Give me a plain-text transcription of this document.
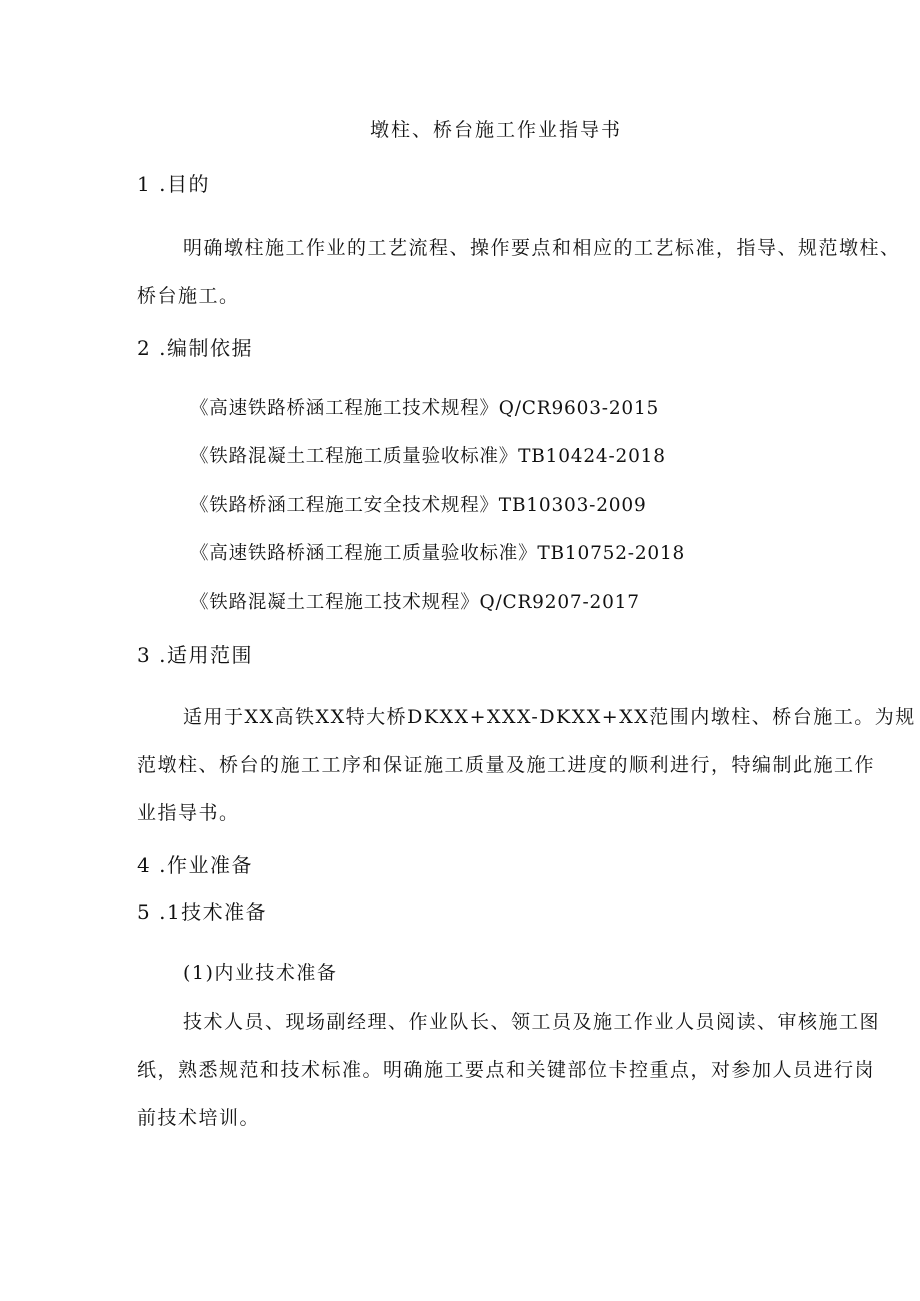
墩柱、桥台施工作业指导书
1 .目的
明确墩柱施工作业的工艺流程、操作要点和相应的工艺标准，指导、规范墩柱、
桥台施工。
2 .编制依据
《高速铁路桥涵工程施工技术规程》Q/CR9603-2015
《铁路混凝土工程施工质量验收标准》TB10424-2018
《铁路桥涵工程施工安全技术规程》TB10303-2009
《高速铁路桥涵工程施工质量验收标准》TB10752-2018
《铁路混凝土工程施工技术规程》Q/CR9207-2017
3 .适用范围
适用于XX高铁XX特大桥DKXX+XXX-DKXX+XX范围内墩柱、桥台施工。为规
范墩柱、桥台的施工工序和保证施工质量及施工进度的顺利进行，特编制此施工作
业指导书。
4 .作业准备
5 .1技术准备
(1)内业技术准备
技术人员、现场副经理、作业队长、领工员及施工作业人员阅读、审核施工图
纸，熟悉规范和技术标准。明确施工要点和关键部位卡控重点，对参加人员进行岗
前技术培训。
